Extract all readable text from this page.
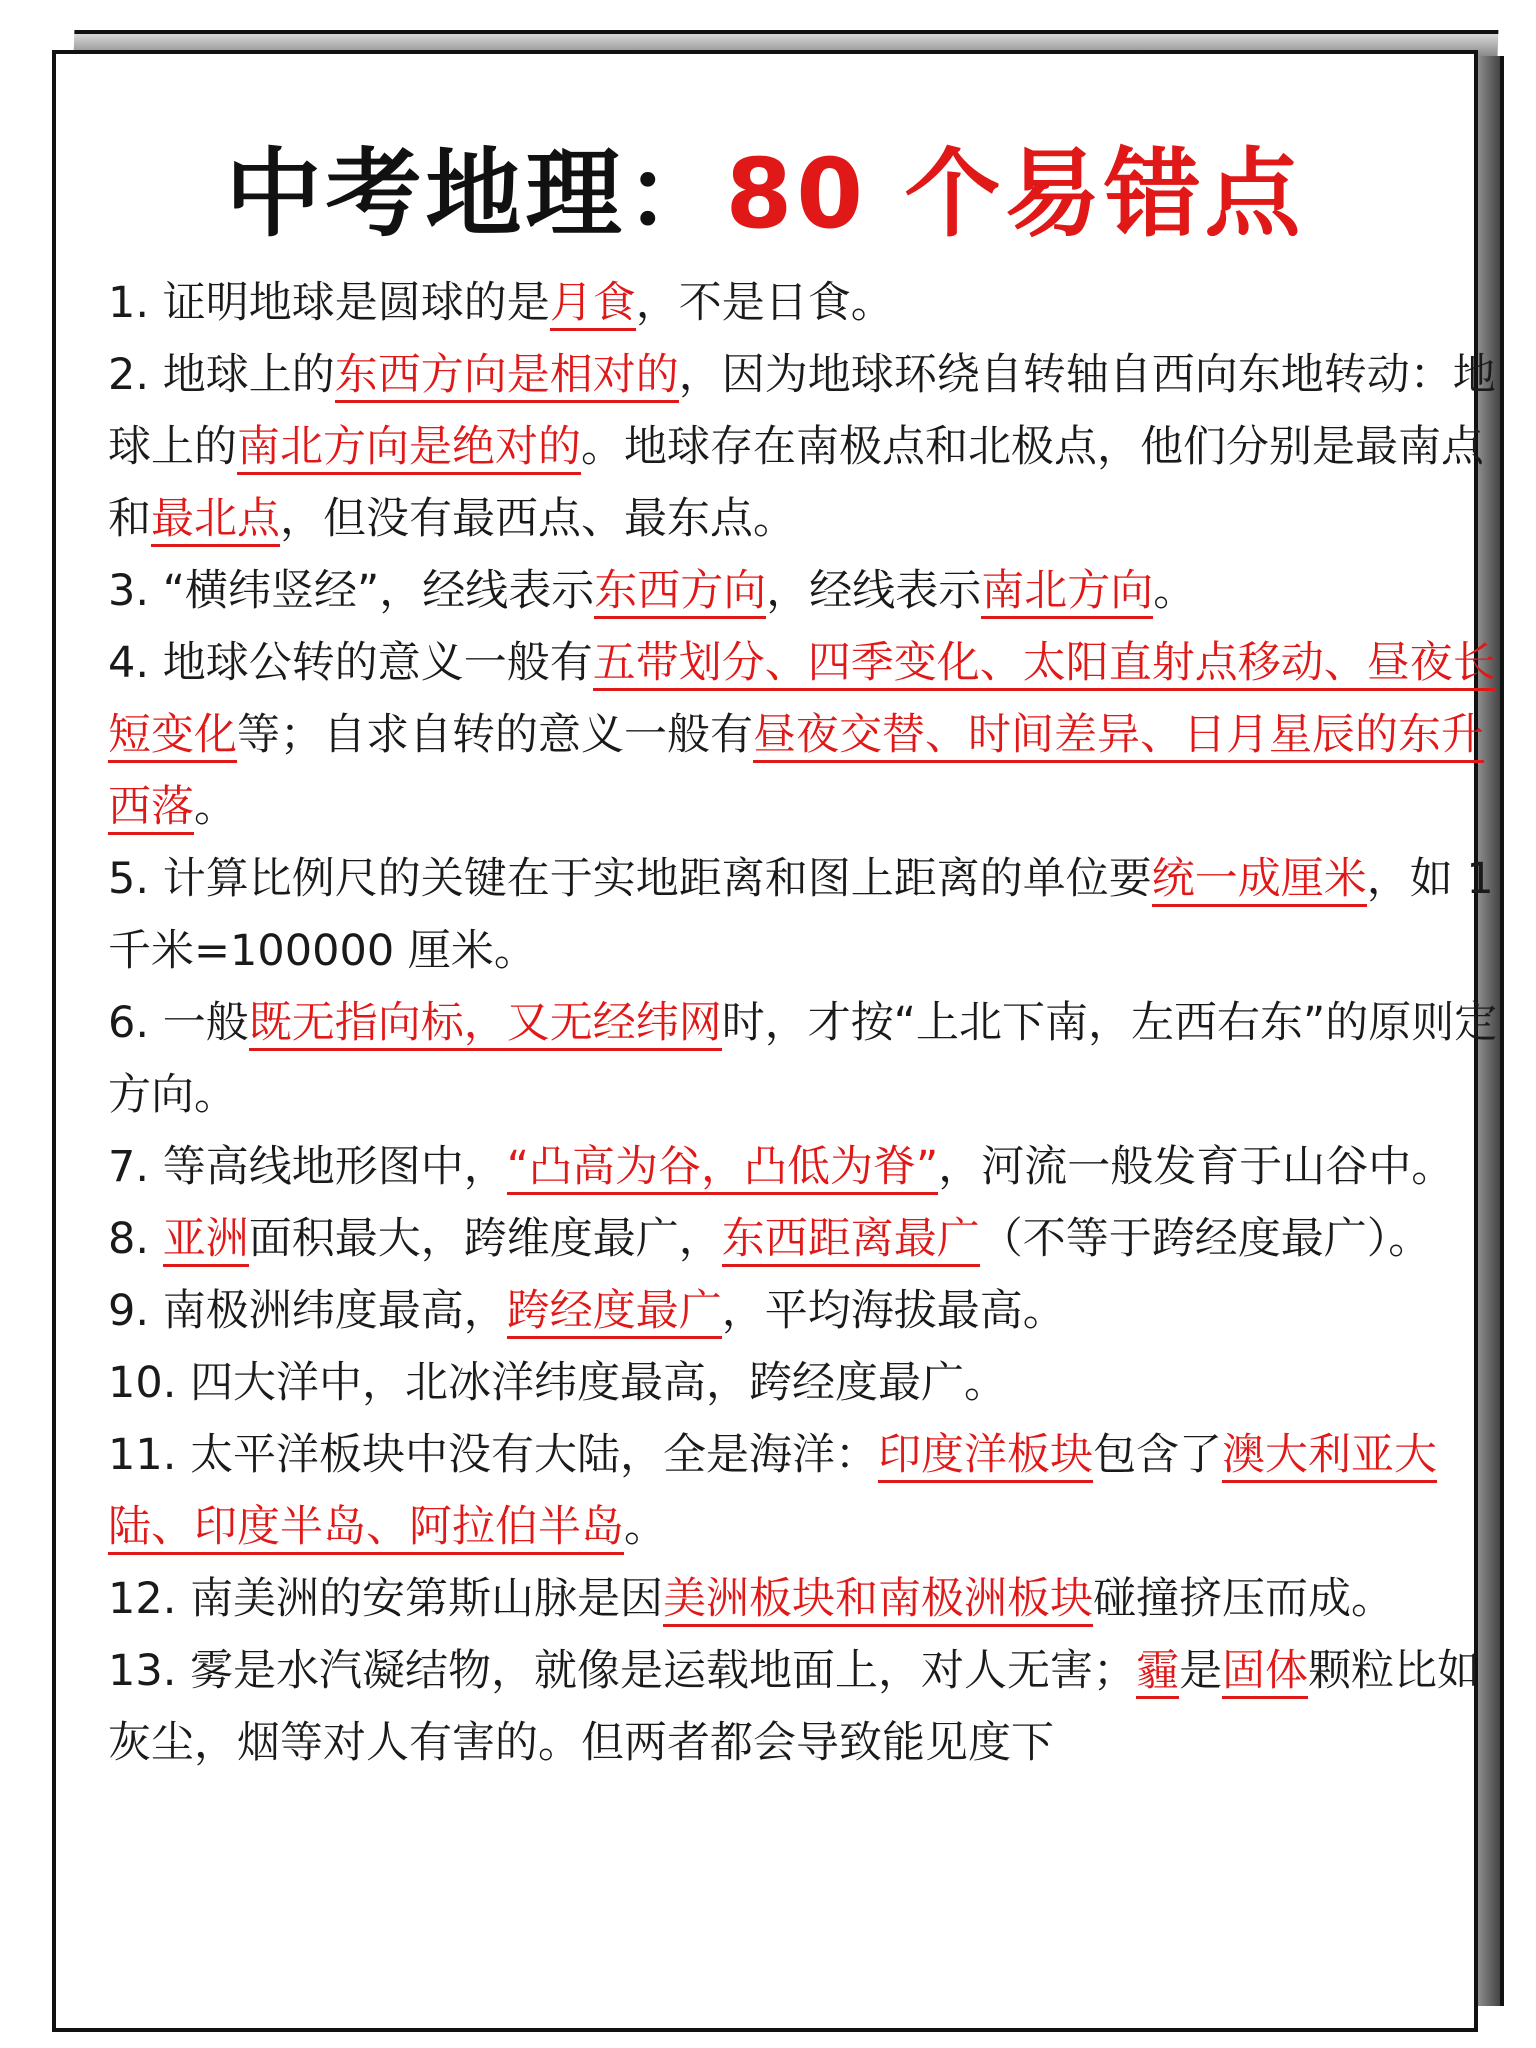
中考地理：80 个易错点

1. 证明地球是圆球的是月食，不是日食。

2. 地球上的东西方向是相对的，因为地球环绕自转轴自西向东地转动：地球上的南北方向是绝对的。地球存在南极点和北极点，他们分别是最南点和最北点，但没有最西点、最东点。

3. “横纬竖经”，经线表示东西方向，经线表示南北方向。

4. 地球公转的意义一般有五带划分、四季变化、太阳直射点移动、昼夜长短变化等；自求自转的意义一般有昼夜交替、时间差异、日月星辰的东升西落。

5. 计算比例尺的关键在于实地距离和图上距离的单位要统一成厘米，如 1 千米=100000 厘米。

6. 一般既无指向标，又无经纬网时，才按“上北下南，左西右东”的原则定方向。

7. 等高线地形图中，“凸高为谷，凸低为脊”，河流一般发育于山谷中。

8. 亚洲面积最大，跨维度最广，东西距离最广（不等于跨经度最广）。

9. 南极洲纬度最高，跨经度最广，平均海拔最高。

10. 四大洋中，北冰洋纬度最高，跨经度最广。

11. 太平洋板块中没有大陆，全是海洋：印度洋板块包含了澳大利亚大陆、印度半岛、阿拉伯半岛。

12. 南美洲的安第斯山脉是因美洲板块和南极洲板块碰撞挤压而成。

13. 雾是水汽凝结物，就像是运载地面上，对人无害；霾是固体颗粒比如灰尘，烟等对人有害的。但两者都会导致能见度下
